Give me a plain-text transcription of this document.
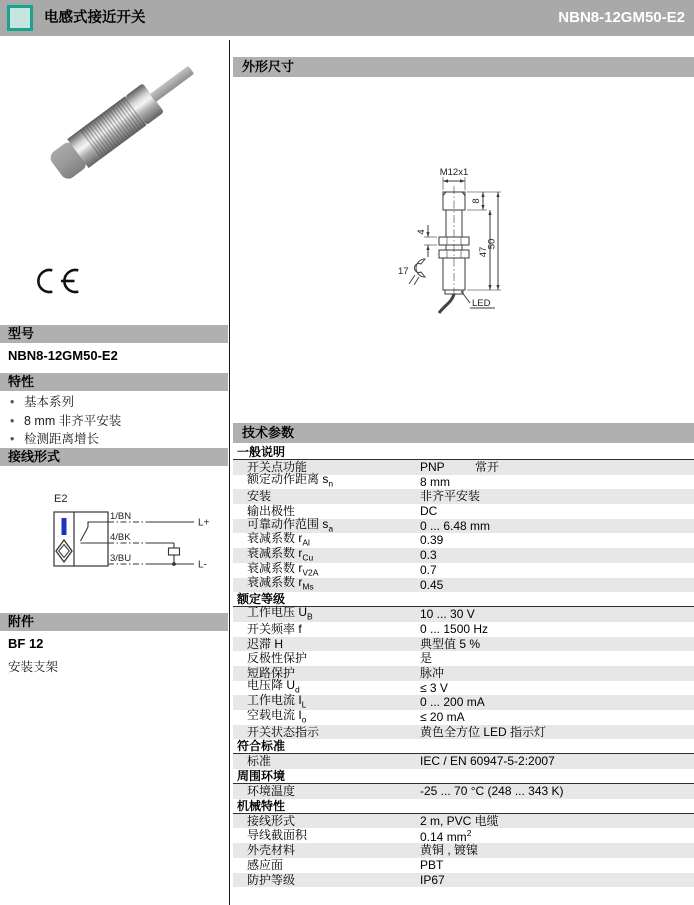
电感式接近开关	NBN8-12GM50-E2
型号
NBN8-12GM50-E2
特性
• 基本系列
• 8 mm 非齐平安装
• 检测距离增长
接线形式
E2
1/BN
L+
4/BK
3/BU
L-
附件
BF 12
安装支架
外形尺寸
LED
M12x1
8
47
50
4
17
技术参数
一般说明
开关点功能	PNP	常开
额定动作距离 $s_n$	8 mm
安装	非齐平安装
输出极性	DC
可靠动作范围 $s_a$	0 ... 6.48 mm
衰减系数 $r_{Al}$	0.39
衰减系数 $r_{Cu}$	0.3
衰减系数 $r_{V2A}$	0.7
衰减系数 $r_{Ms}$	0.45
额定等级
工作电压 $U_B$	10 ... 30 V
开关频率 f	0 ... 1500 Hz
迟滞 H	典型值 5 %
反极性保护	是
短路保护	脉冲
电压降 $U_d$	≤ 3 V
工作电流 $I_L$	0 ... 200 mA
空载电流 $I_o$	≤ 20 mA
开关状态指示	黄色全方位 LED 指示灯
符合标准
标准	IEC / EN 60947-5-2:2007
周围环境
环境温度	-25 ... 70 °C (248 ... 343 K)
机械特性
接线形式	2 m, PVC 电缆
导线截面积	0.14 $mm^2$
外壳材料	黄铜 , 镀镍
感应面	PBT
防护等级	IP67
